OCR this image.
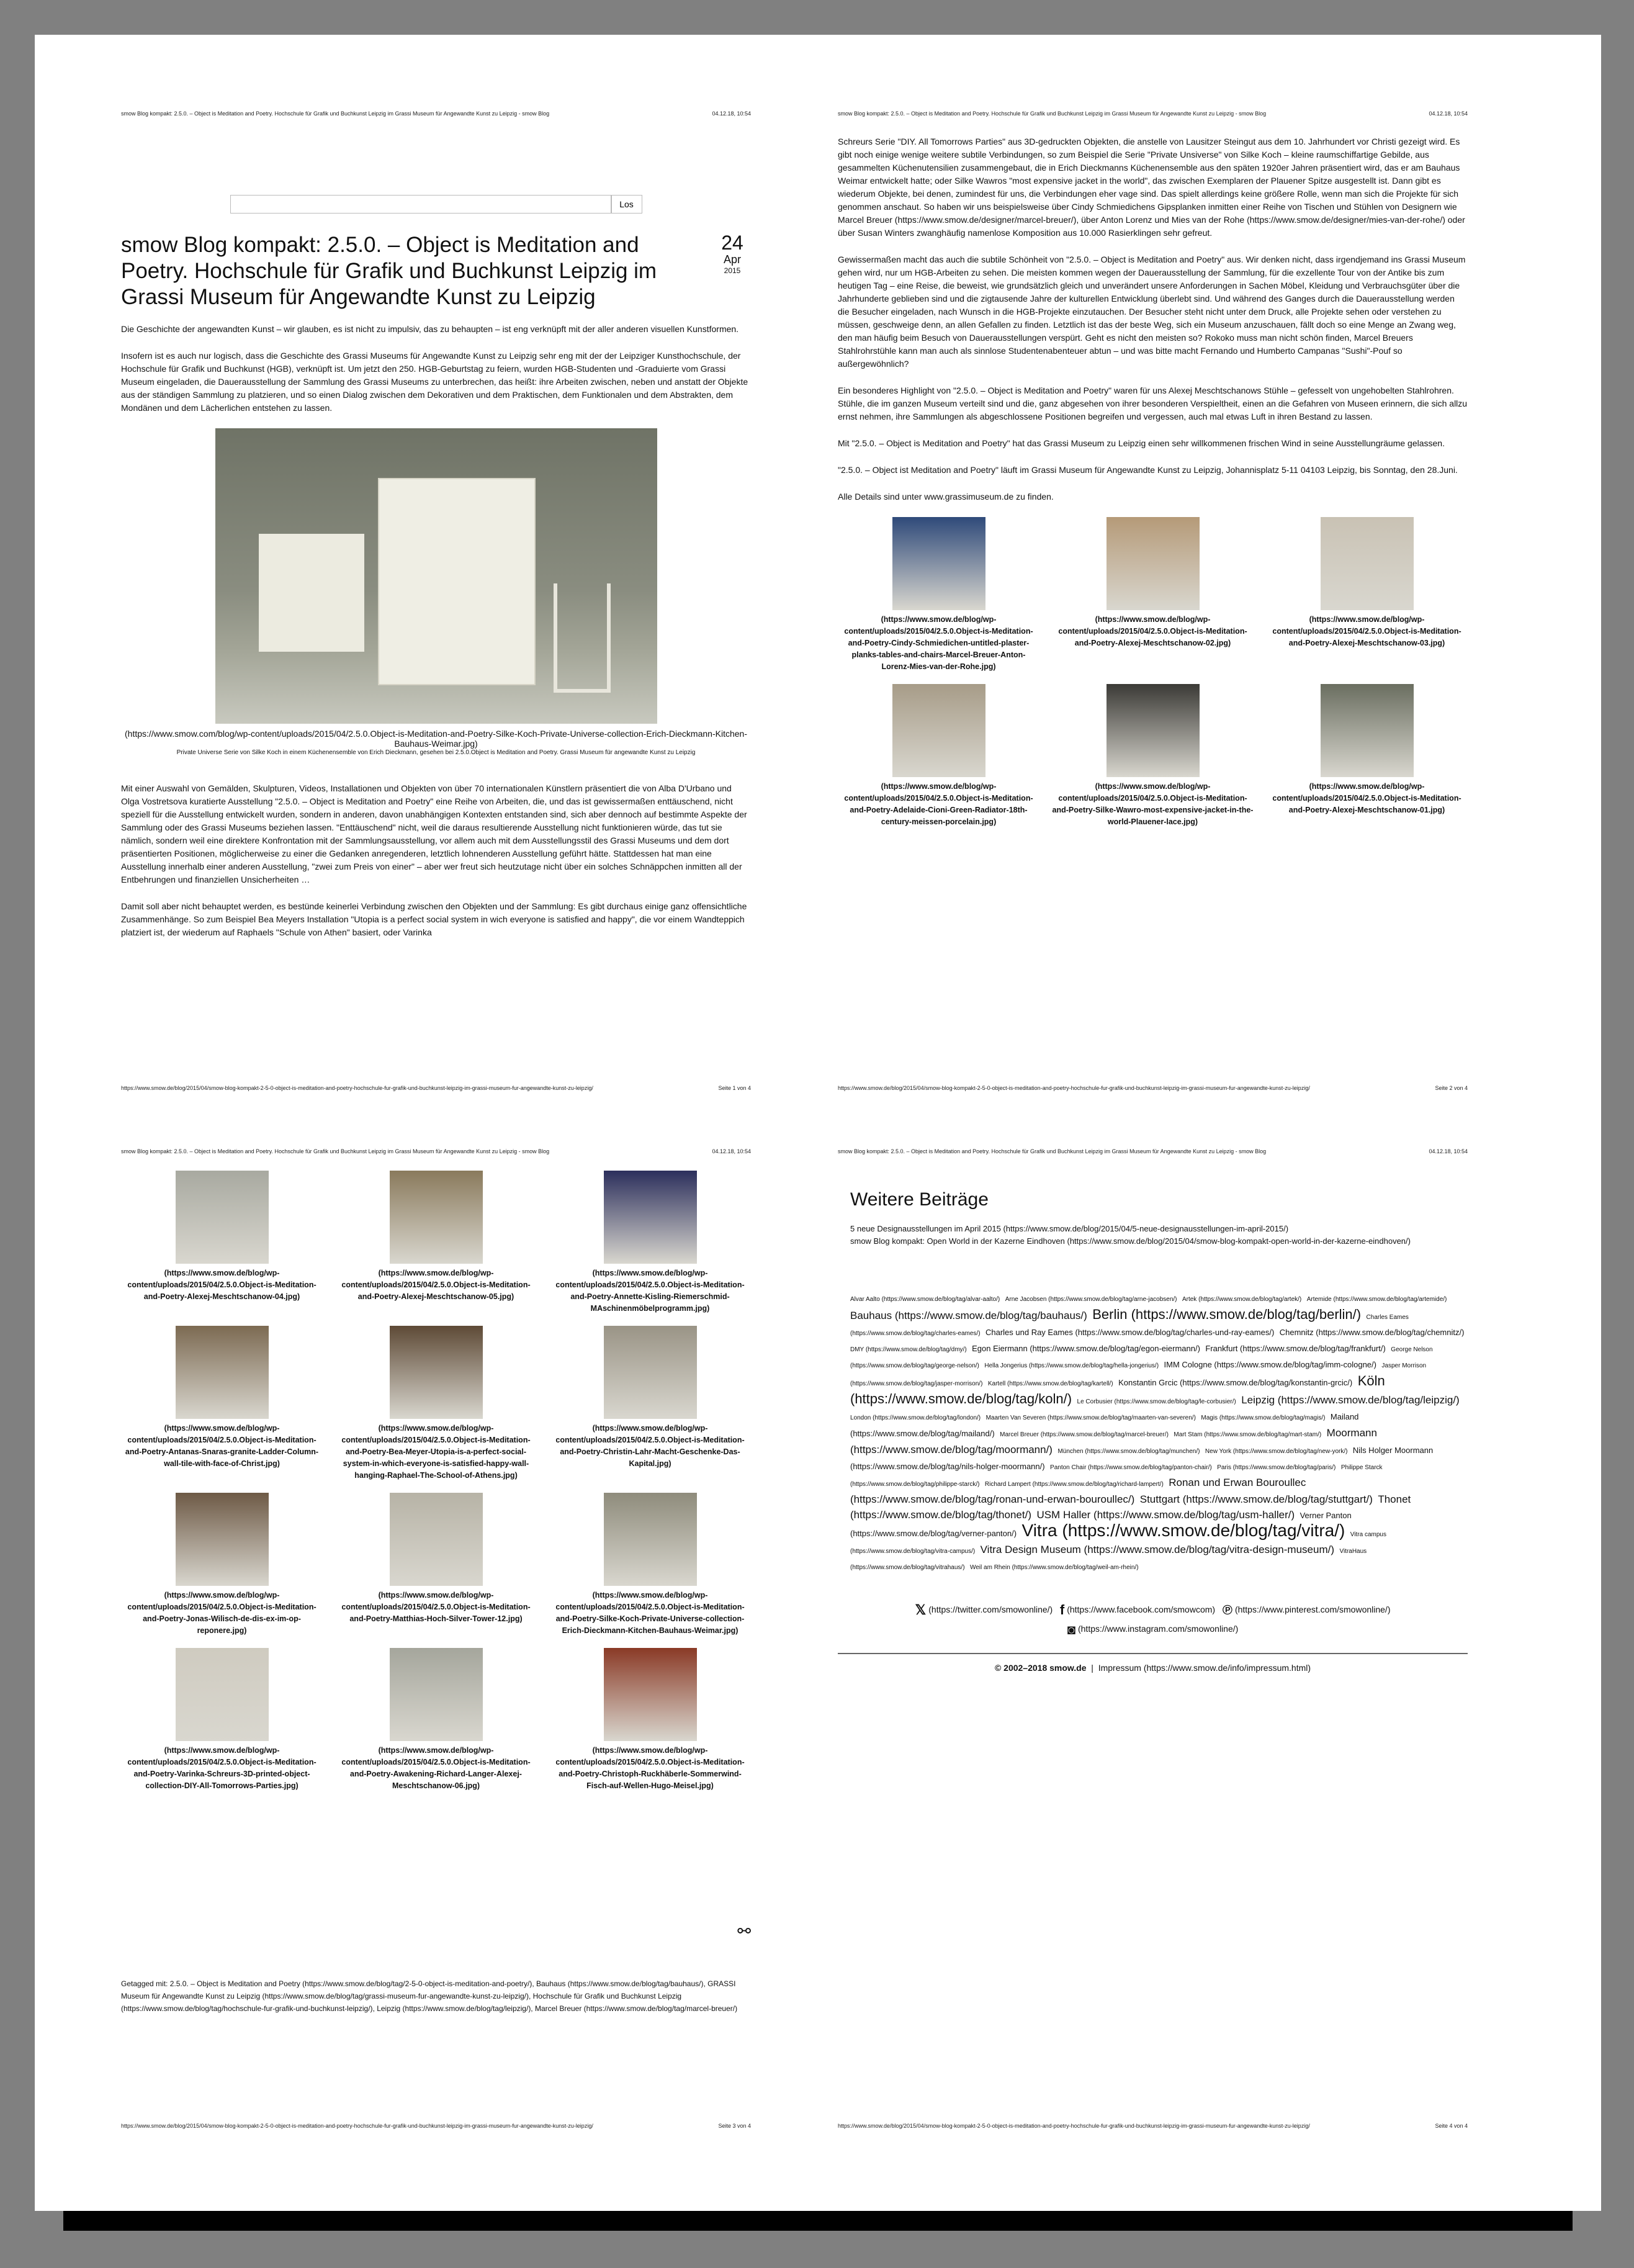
smow Blog kompakt: 2.5.0. – Object is Meditation and Poetry. Hochschule für Grafik und Buchkunst Leipzig im Grassi Museum für Angewandte Kunst zu Leipzig - smow Blog	04.12.18, 10:54
Los
smow Blog kompakt: 2.5.0. – Object is Meditation and Poetry. Hochschule für Grafik und Buchkunst Leipzig im Grassi Museum für Angewandte Kunst zu Leipzig
24
Apr
2015

Die Geschichte der angewandten Kunst – wir glauben, es ist nicht zu impulsiv, das zu behaupten – ist eng verknüpft mit der aller anderen visuellen Kunstformen.

Insofern ist es auch nur logisch, dass die Geschichte des Grassi Museums für Angewandte Kunst zu Leipzig sehr eng mit der der Leipziger Kunsthochschule, der Hochschule für Grafik und Buchkunst (HGB), verknüpft ist. Um jetzt den 250. HGB-Geburtstag zu feiern, wurden HGB-Studenten und -Graduierte vom Grassi Museum eingeladen, die Dauerausstellung der Sammlung des Grassi Museums zu unterbrechen, das heißt: ihre Arbeiten zwischen, neben und anstatt der Objekte aus der ständigen Sammlung zu platzieren, und so einen Dialog zwischen dem Dekorativen und dem Praktischen, dem Funktionalen und dem Abstrakten, dem Mondänen und dem Lächerlichen entstehen zu lassen.

(https://www.smow.com/blog/wp-content/uploads/2015/04/2.5.0.Object-is-Meditation-and-Poetry-Silke-Koch-Private-Universe-collection-Erich-Dieckmann-Kitchen-Bauhaus-Weimar.jpg)
Private Universe Serie von Silke Koch in einem Küchenensemble von Erich Dieckmann, gesehen bei 2.5.0.Object is Meditation and Poetry. Grassi Museum für angewandte Kunst zu Leipzig

Mit einer Auswahl von Gemälden, Skulpturen, Videos, Installationen und Objekten von über 70 internationalen Künstlern präsentiert die von Alba D'Urbano und Olga Vostretsova kuratierte Ausstellung "2.5.0. – Object is Meditation and Poetry" eine Reihe von Arbeiten, die, und das ist gewissermaßen enttäuschend, nicht speziell für die Ausstellung entwickelt wurden, sondern in anderen, davon unabhängigen Kontexten entstanden sind, sich aber dennoch auf bestimmte Aspekte der Sammlung oder des Grassi Museums beziehen lassen. "Enttäuschend" nicht, weil die daraus resultierende Ausstellung nicht funktionieren würde, das tut sie nämlich, sondern weil eine direktere Konfrontation mit der Sammlungsausstellung, vor allem auch mit dem Ausstellungsstil des Grassi Museums und dem dort präsentierten Positionen, möglicherweise zu einer die Gedanken anregenderen, letztlich lohnenderen Ausstellung geführt hätte. Stattdessen hat man eine Ausstellung innerhalb einer anderen Ausstellung, "zwei zum Preis von einer" – aber wer freut sich heutzutage nicht über ein solches Schnäppchen inmitten all der Entbehrungen und finanziellen Unsicherheiten …

Damit soll aber nicht behauptet werden, es bestünde keinerlei Verbindung zwischen den Objekten und der Sammlung: Es gibt durchaus einige ganz offensichtliche Zusammenhänge. So zum Beispiel Bea Meyers Installation "Utopia is a perfect social system in wich everyone is satisfied and happy", die vor einem Wandteppich platziert ist, der wiederum auf Raphaels "Schule von Athen" basiert, oder Varinka

https://www.smow.de/blog/2015/04/smow-blog-kompakt-2-5-0-object-is-meditation-and-poetry-hochschule-fur-grafik-und-buchkunst-leipzig-im-grassi-museum-fur-angewandte-kunst-zu-leipzig/	Seite 1 von 4
smow Blog kompakt: 2.5.0. – Object is Meditation and Poetry. Hochschule für Grafik und Buchkunst Leipzig im Grassi Museum für Angewandte Kunst zu Leipzig - smow Blog	04.12.18, 10:54

Schreurs Serie "DIY. All Tomorrows Parties" aus 3D-gedruckten Objekten, die anstelle von Lausitzer Steingut aus dem 10. Jahrhundert vor Christi gezeigt wird. Es gibt noch einige wenige weitere subtile Verbindungen, so zum Beispiel die Serie "Private Unsiverse" von Silke Koch – kleine raumschiffartige Gebilde, aus gesammelten Küchenutensilien zusammengebaut, die in Erich Dieckmanns Küchenensemble aus den späten 1920er Jahren präsentiert wird, das er am Bauhaus Weimar entwickelt hatte; oder Silke Wawros "most expensive jacket in the world", das zwischen Exemplaren der Plauener Spitze ausgestellt ist. Dann gibt es wiederum Objekte, bei denen, zumindest für uns, die Verbindungen eher vage sind. Das spielt allerdings keine größere Rolle, wenn man sich die Projekte für sich genommen anschaut. So haben wir uns beispielsweise über Cindy Schmiedichens Gipsplanken inmitten einer Reihe von Tischen und Stühlen von Designern wie Marcel Breuer (https://www.smow.de/designer/marcel-breuer/), über Anton Lorenz und Mies van der Rohe (https://www.smow.de/designer/mies-van-der-rohe/) oder über Susan Winters zwanghäufig namenlose Komposition aus 10.000 Rasierklingen sehr gefreut.

Gewissermaßen macht das auch die subtile Schönheit von "2.5.0. – Object is Meditation and Poetry" aus. Wir denken nicht, dass irgendjemand ins Grassi Museum gehen wird, nur um HGB-Arbeiten zu sehen. Die meisten kommen wegen der Dauerausstellung der Sammlung, für die exzellente Tour von der Antike bis zum heutigen Tag – eine Reise, die beweist, wie grundsätzlich gleich und unverändert unsere Anforderungen in Sachen Möbel, Kleidung und Verbrauchsgüter über die Jahrhunderte geblieben sind und die zigtausende Jahre der kulturellen Entwicklung überlebt sind. Und während des Ganges durch die Dauerausstellung werden die Besucher eingeladen, nach Wunsch in die HGB-Projekte einzutauchen. Der Besucher steht nicht unter dem Druck, alle Projekte sehen oder verstehen zu müssen, geschweige denn, an allen Gefallen zu finden. Letztlich ist das der beste Weg, sich ein Museum anzuschauen, fällt doch so eine Menge an Zwang weg, den man häufig beim Besuch von Dauerausstellungen verspürt. Geht es nicht den meisten so? Rokoko muss man nicht schön finden, Marcel Breuers Stahlrohrstühle kann man auch als sinnlose Studentenabenteuer abtun – und was bitte macht Fernando und Humberto Campanas "Sushi"-Pouf so außergewöhnlich?

Ein besonderes Highlight von "2.5.0. – Object is Meditation and Poetry" waren für uns Alexej Meschtschanows Stühle – gefesselt von ungehobelten Stahlrohren. Stühle, die im ganzen Museum verteilt sind und die, ganz abgesehen von ihrer besonderen Verspieltheit, einen an die Gefahren von Museen erinnern, die sich allzu ernst nehmen, ihre Sammlungen als abgeschlossene Positionen begreifen und vergessen, auch mal etwas Luft in ihren Bestand zu lassen.

Mit "2.5.0. – Object is Meditation and Poetry" hat das Grassi Museum zu Leipzig einen sehr willkommenen frischen Wind in seine Ausstellungräume gelassen.

"2.5.0. – Object ist Meditation and Poetry" läuft im Grassi Museum für Angewandte Kunst zu Leipzig, Johannisplatz 5-11 04103 Leipzig, bis Sonntag, den 28.Juni.

Alle Details sind unter www.grassimuseum.de zu finden.

(https://www.smow.de/blog/wp-content/uploads/2015/04/2.5.0.Object-is-Meditation-and-Poetry-Cindy-Schmiedichen-untitled-plaster-planks-tables-and-chairs-Marcel-Breuer-Anton-Lorenz-Mies-van-der-Rohe.jpg)
(https://www.smow.de/blog/wp-content/uploads/2015/04/2.5.0.Object-is-Meditation-and-Poetry-Alexej-Meschtschanow-02.jpg)
(https://www.smow.de/blog/wp-content/uploads/2015/04/2.5.0.Object-is-Meditation-and-Poetry-Alexej-Meschtschanow-03.jpg)
(https://www.smow.de/blog/wp-content/uploads/2015/04/2.5.0.Object-is-Meditation-and-Poetry-Adelaide-Cioni-Green-Radiator-18th-century-meissen-porcelain.jpg)
(https://www.smow.de/blog/wp-content/uploads/2015/04/2.5.0.Object-is-Meditation-and-Poetry-Silke-Wawro-most-expensive-jacket-in-the-world-Plauener-lace.jpg)
(https://www.smow.de/blog/wp-content/uploads/2015/04/2.5.0.Object-is-Meditation-and-Poetry-Alexej-Meschtschanow-01.jpg)
https://www.smow.de/blog/2015/04/smow-blog-kompakt-2-5-0-object-is-meditation-and-poetry-hochschule-fur-grafik-und-buchkunst-leipzig-im-grassi-museum-fur-angewandte-kunst-zu-leipzig/	Seite 2 von 4
smow Blog kompakt: 2.5.0. – Object is Meditation and Poetry. Hochschule für Grafik und Buchkunst Leipzig im Grassi Museum für Angewandte Kunst zu Leipzig - smow Blog	04.12.18, 10:54
(https://www.smow.de/blog/wp-content/uploads/2015/04/2.5.0.Object-is-Meditation-and-Poetry-Alexej-Meschtschanow-04.jpg)
(https://www.smow.de/blog/wp-content/uploads/2015/04/2.5.0.Object-is-Meditation-and-Poetry-Alexej-Meschtschanow-05.jpg)
(https://www.smow.de/blog/wp-content/uploads/2015/04/2.5.0.Object-is-Meditation-and-Poetry-Annette-Kisling-Riemerschmid-MAschinenmöbelprogramm.jpg)
(https://www.smow.de/blog/wp-content/uploads/2015/04/2.5.0.Object-is-Meditation-and-Poetry-Antanas-Snaras-granite-Ladder-Column-wall-tile-with-face-of-Christ.jpg)
(https://www.smow.de/blog/wp-content/uploads/2015/04/2.5.0.Object-is-Meditation-and-Poetry-Bea-Meyer-Utopia-is-a-perfect-social-system-in-which-everyone-is-satisfied-happy-wall-hanging-Raphael-The-School-of-Athens.jpg)
(https://www.smow.de/blog/wp-content/uploads/2015/04/2.5.0.Object-is-Meditation-and-Poetry-Christin-Lahr-Macht-Geschenke-Das-Kapital.jpg)
(https://www.smow.de/blog/wp-content/uploads/2015/04/2.5.0.Object-is-Meditation-and-Poetry-Jonas-Wilisch-de-dis-ex-im-op-reponere.jpg)
(https://www.smow.de/blog/wp-content/uploads/2015/04/2.5.0.Object-is-Meditation-and-Poetry-Matthias-Hoch-Silver-Tower-12.jpg)
(https://www.smow.de/blog/wp-content/uploads/2015/04/2.5.0.Object-is-Meditation-and-Poetry-Silke-Koch-Private-Universe-collection-Erich-Dieckmann-Kitchen-Bauhaus-Weimar.jpg)
(https://www.smow.de/blog/wp-content/uploads/2015/04/2.5.0.Object-is-Meditation-and-Poetry-Varinka-Schreurs-3D-printed-object-collection-DIY-All-Tomorrows-Parties.jpg)
(https://www.smow.de/blog/wp-content/uploads/2015/04/2.5.0.Object-is-Meditation-and-Poetry-Awakening-Richard-Langer-Alexej-Meschtschanow-06.jpg)
(https://www.smow.de/blog/wp-content/uploads/2015/04/2.5.0.Object-is-Meditation-and-Poetry-Christoph-Ruckhäberle-Sommerwind-Fisch-auf-Wellen-Hugo-Meisel.jpg)
⚯
Getagged mit: 2.5.0. – Object is Meditation and Poetry (https://www.smow.de/blog/tag/2-5-0-object-is-meditation-and-poetry/), Bauhaus (https://www.smow.de/blog/tag/bauhaus/), GRASSI Museum für Angewandte Kunst zu Leipzig (https://www.smow.de/blog/tag/grassi-museum-fur-angewandte-kunst-zu-leipzig/), Hochschule für Grafik und Buchkunst Leipzig (https://www.smow.de/blog/tag/hochschule-fur-grafik-und-buchkunst-leipzig/), Leipzig (https://www.smow.de/blog/tag/leipzig/), Marcel Breuer (https://www.smow.de/blog/tag/marcel-breuer/)
https://www.smow.de/blog/2015/04/smow-blog-kompakt-2-5-0-object-is-meditation-and-poetry-hochschule-fur-grafik-und-buchkunst-leipzig-im-grassi-museum-fur-angewandte-kunst-zu-leipzig/	Seite 3 von 4
smow Blog kompakt: 2.5.0. – Object is Meditation and Poetry. Hochschule für Grafik und Buchkunst Leipzig im Grassi Museum für Angewandte Kunst zu Leipzig - smow Blog	04.12.18, 10:54
Weitere Beiträge
5 neue Designausstellungen im April 2015 (https://www.smow.de/blog/2015/04/5-neue-designausstellungen-im-april-2015/)
smow Blog kompakt: Open World in der Kazerne Eindhoven (https://www.smow.de/blog/2015/04/smow-blog-kompakt-open-world-in-der-kazerne-eindhoven/)
Alvar Aalto (https://www.smow.de/blog/tag/alvar-aalto/) Arne Jacobsen (https://www.smow.de/blog/tag/arne-jacobsen/) Artek (https://www.smow.de/blog/tag/artek/) Artemide (https://www.smow.de/blog/tag/artemide/) Bauhaus (https://www.smow.de/blog/tag/bauhaus/) Berlin (https://www.smow.de/blog/tag/berlin/) Charles Eames (https://www.smow.de/blog/tag/charles-eames/) Charles und Ray Eames (https://www.smow.de/blog/tag/charles-und-ray-eames/) Chemnitz (https://www.smow.de/blog/tag/chemnitz/) DMY (https://www.smow.de/blog/tag/dmy/) Egon Eiermann (https://www.smow.de/blog/tag/egon-eiermann/) Frankfurt (https://www.smow.de/blog/tag/frankfurt/) George Nelson (https://www.smow.de/blog/tag/george-nelson/) Hella Jongerius (https://www.smow.de/blog/tag/hella-jongerius/) IMM Cologne (https://www.smow.de/blog/tag/imm-cologne/) Jasper Morrison (https://www.smow.de/blog/tag/jasper-morrison/) Kartell (https://www.smow.de/blog/tag/kartell/) Konstantin Grcic (https://www.smow.de/blog/tag/konstantin-grcic/) Köln (https://www.smow.de/blog/tag/koln/) Le Corbusier (https://www.smow.de/blog/tag/le-corbusier/) Leipzig (https://www.smow.de/blog/tag/leipzig/) London (https://www.smow.de/blog/tag/london/) Maarten Van Severen (https://www.smow.de/blog/tag/maarten-van-severen/) Magis (https://www.smow.de/blog/tag/magis/) Mailand (https://www.smow.de/blog/tag/mailand/) Marcel Breuer (https://www.smow.de/blog/tag/marcel-breuer/) Mart Stam (https://www.smow.de/blog/tag/mart-stam/) Moormann (https://www.smow.de/blog/tag/moormann/) München (https://www.smow.de/blog/tag/munchen/) New York (https://www.smow.de/blog/tag/new-york/) Nils Holger Moormann (https://www.smow.de/blog/tag/nils-holger-moormann/) Panton Chair (https://www.smow.de/blog/tag/panton-chair/) Paris (https://www.smow.de/blog/tag/paris/) Philippe Starck (https://www.smow.de/blog/tag/philippe-starck/) Richard Lampert (https://www.smow.de/blog/tag/richard-lampert/) Ronan und Erwan Bouroullec (https://www.smow.de/blog/tag/ronan-und-erwan-bouroullec/) Stuttgart (https://www.smow.de/blog/tag/stuttgart/) Thonet (https://www.smow.de/blog/tag/thonet/) USM Haller (https://www.smow.de/blog/tag/usm-haller/) Verner Panton (https://www.smow.de/blog/tag/verner-panton/) Vitra (https://www.smow.de/blog/tag/vitra/) Vitra campus (https://www.smow.de/blog/tag/vitra-campus/) Vitra Design Museum (https://www.smow.de/blog/tag/vitra-design-museum/) VitraHaus (https://www.smow.de/blog/tag/vitrahaus/) Weil am Rhein (https://www.smow.de/blog/tag/weil-am-rhein/)
𝕏 (https://twitter.com/smowonline/) f (https://www.facebook.com/smowcom) ℗ (https://www.pinterest.com/smowonline/)
◙ (https://www.instagram.com/smowonline/)
© 2002–2018 smow.de  |  Impressum (https://www.smow.de/info/impressum.html)
https://www.smow.de/blog/2015/04/smow-blog-kompakt-2-5-0-object-is-meditation-and-poetry-hochschule-fur-grafik-und-buchkunst-leipzig-im-grassi-museum-fur-angewandte-kunst-zu-leipzig/	Seite 4 von 4
